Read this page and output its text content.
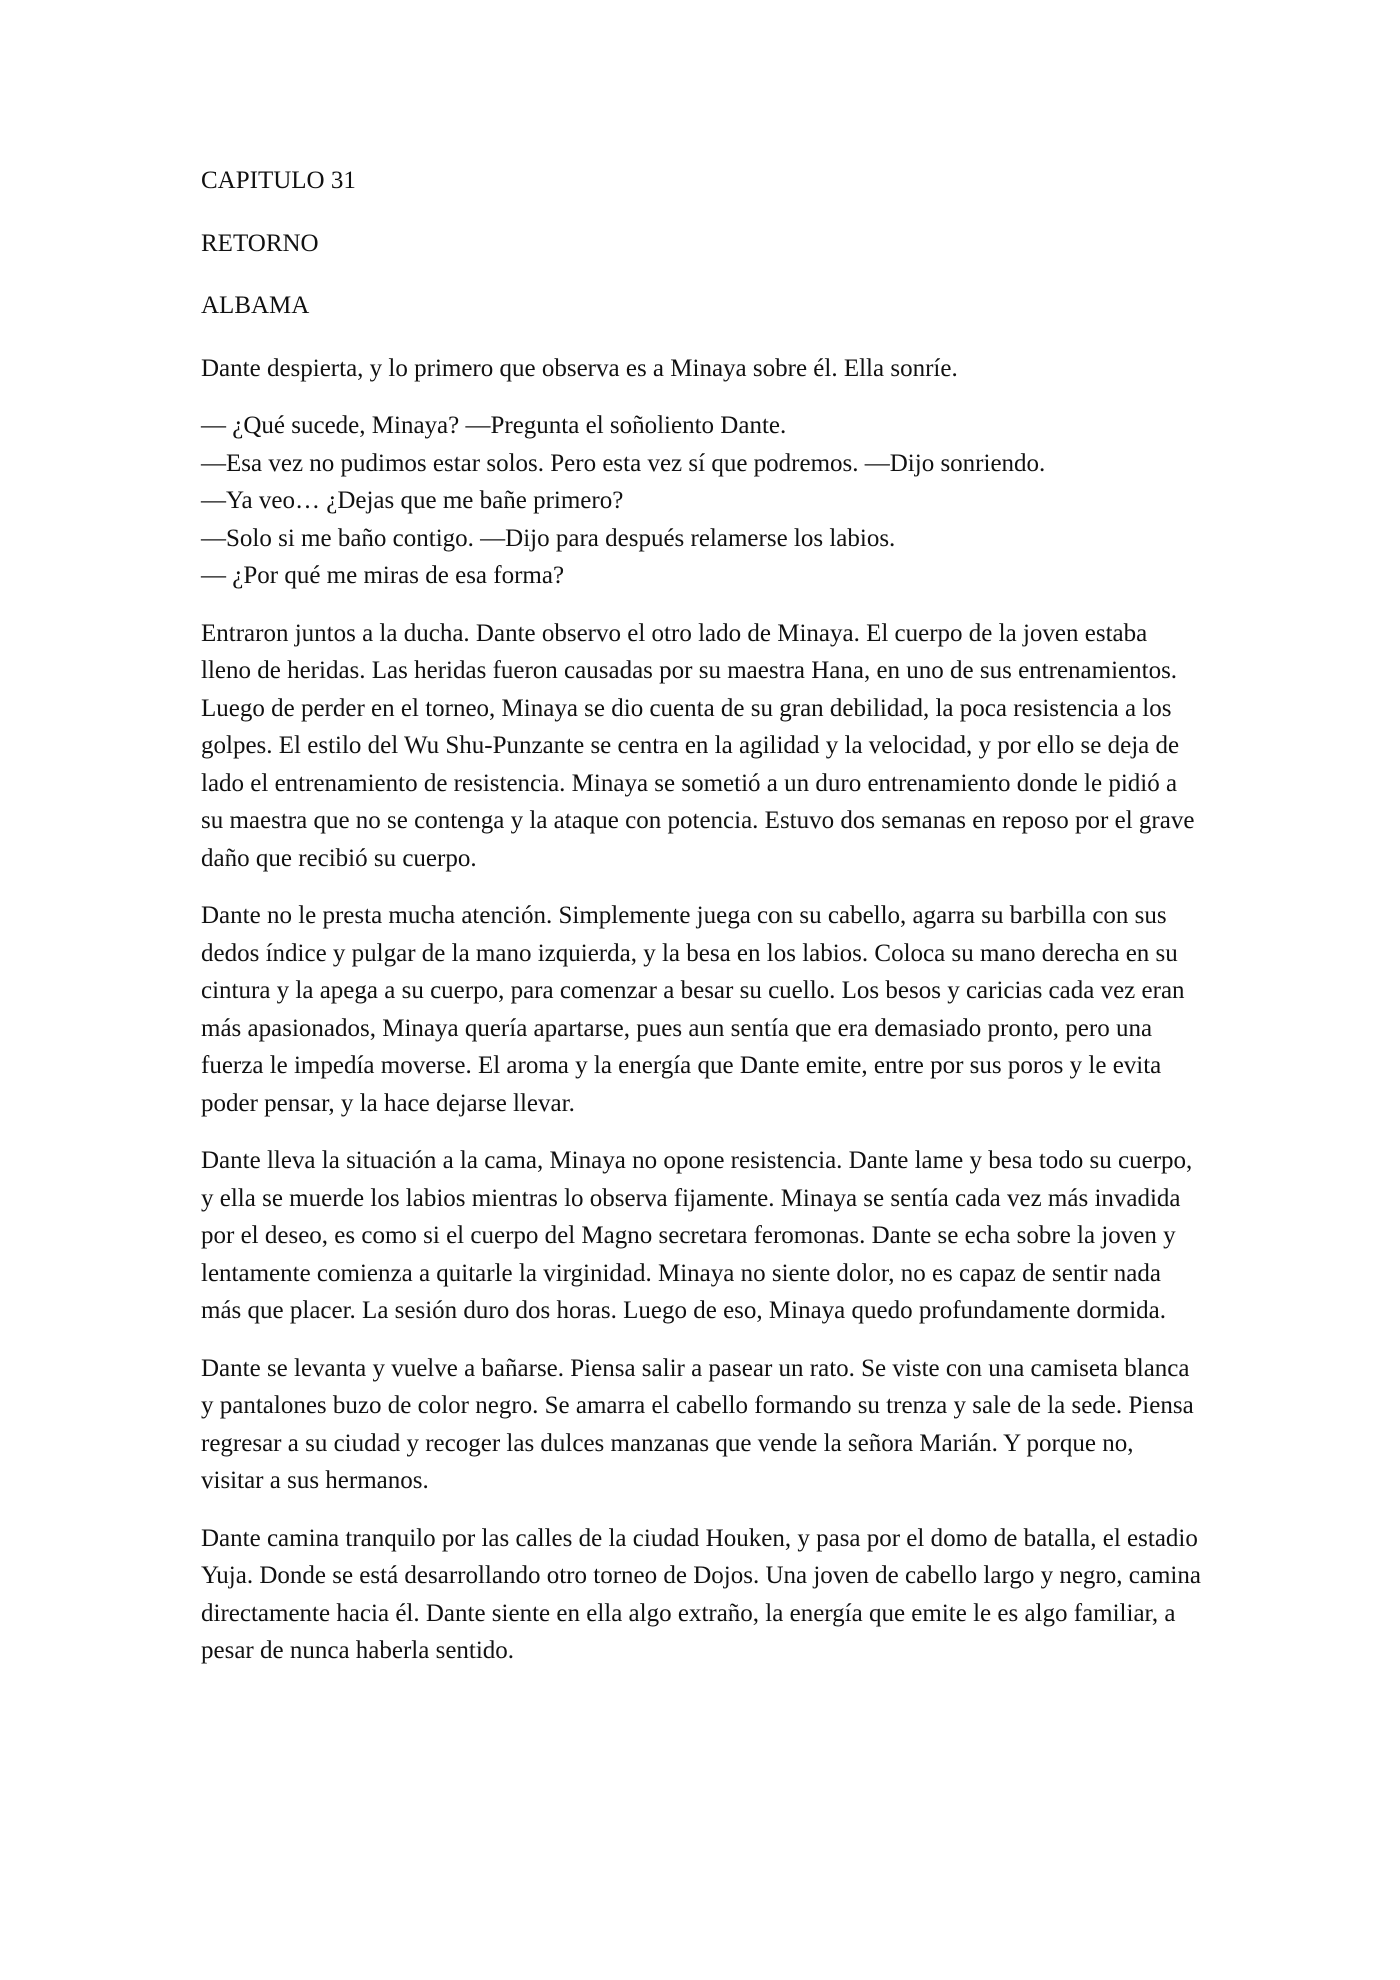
CAPITULO 31
RETORNO
ALBAMA

Dante despierta, y lo primero que observa es a Minaya sobre él. Ella sonríe.

— ¿Qué sucede, Minaya? —Pregunta el soñoliento Dante.
—Esa vez no pudimos estar solos. Pero esta vez sí que podremos. —Dijo sonriendo.
—Ya veo… ¿Dejas que me bañe primero?
—Solo si me baño contigo. —Dijo para después relamerse los labios.
— ¿Por qué me miras de esa forma?

Entraron juntos a la ducha. Dante observo el otro lado de Minaya. El cuerpo de la joven estaba lleno de heridas. Las heridas fueron causadas por su maestra Hana, en uno de sus entrenamientos. Luego de perder en el torneo, Minaya se dio cuenta de su gran debilidad, la poca resistencia a los golpes. El estilo del Wu Shu-Punzante se centra en la agilidad y la velocidad, y por ello se deja de lado el entrenamiento de resistencia. Minaya se sometió a un duro entrenamiento donde le pidió a su maestra que no se contenga y la ataque con potencia. Estuvo dos semanas en reposo por el grave daño que recibió su cuerpo.

Dante no le presta mucha atención. Simplemente juega con su cabello, agarra su barbilla con sus dedos índice y pulgar de la mano izquierda, y la besa en los labios. Coloca su mano derecha en su cintura y la apega a su cuerpo, para comenzar a besar su cuello. Los besos y caricias cada vez eran más apasionados, Minaya quería apartarse, pues aun sentía que era demasiado pronto, pero una fuerza le impedía moverse. El aroma y la energía que Dante emite, entre por sus poros y le evita poder pensar, y la hace dejarse llevar.

Dante lleva la situación a la cama, Minaya no opone resistencia. Dante lame y besa todo su cuerpo, y ella se muerde los labios mientras lo observa fijamente. Minaya se sentía cada vez más invadida por el deseo, es como si el cuerpo del Magno secretara feromonas. Dante se echa sobre la joven y lentamente comienza a quitarle la virginidad. Minaya no siente dolor, no es capaz de sentir nada más que placer. La sesión duro dos horas. Luego de eso, Minaya quedo profundamente dormida.

Dante se levanta y vuelve a bañarse. Piensa salir a pasear un rato. Se viste con una camiseta blanca y pantalones buzo de color negro. Se amarra el cabello formando su trenza y sale de la sede. Piensa regresar a su ciudad y recoger las dulces manzanas que vende la señora Marián. Y porque no, visitar a sus hermanos.

Dante camina tranquilo por las calles de la ciudad Houken, y pasa por el domo de batalla, el estadio Yuja. Donde se está desarrollando otro torneo de Dojos. Una joven de cabello largo y negro, camina directamente hacia él. Dante siente en ella algo extraño, la energía que emite le es algo familiar, a pesar de nunca haberla sentido.
